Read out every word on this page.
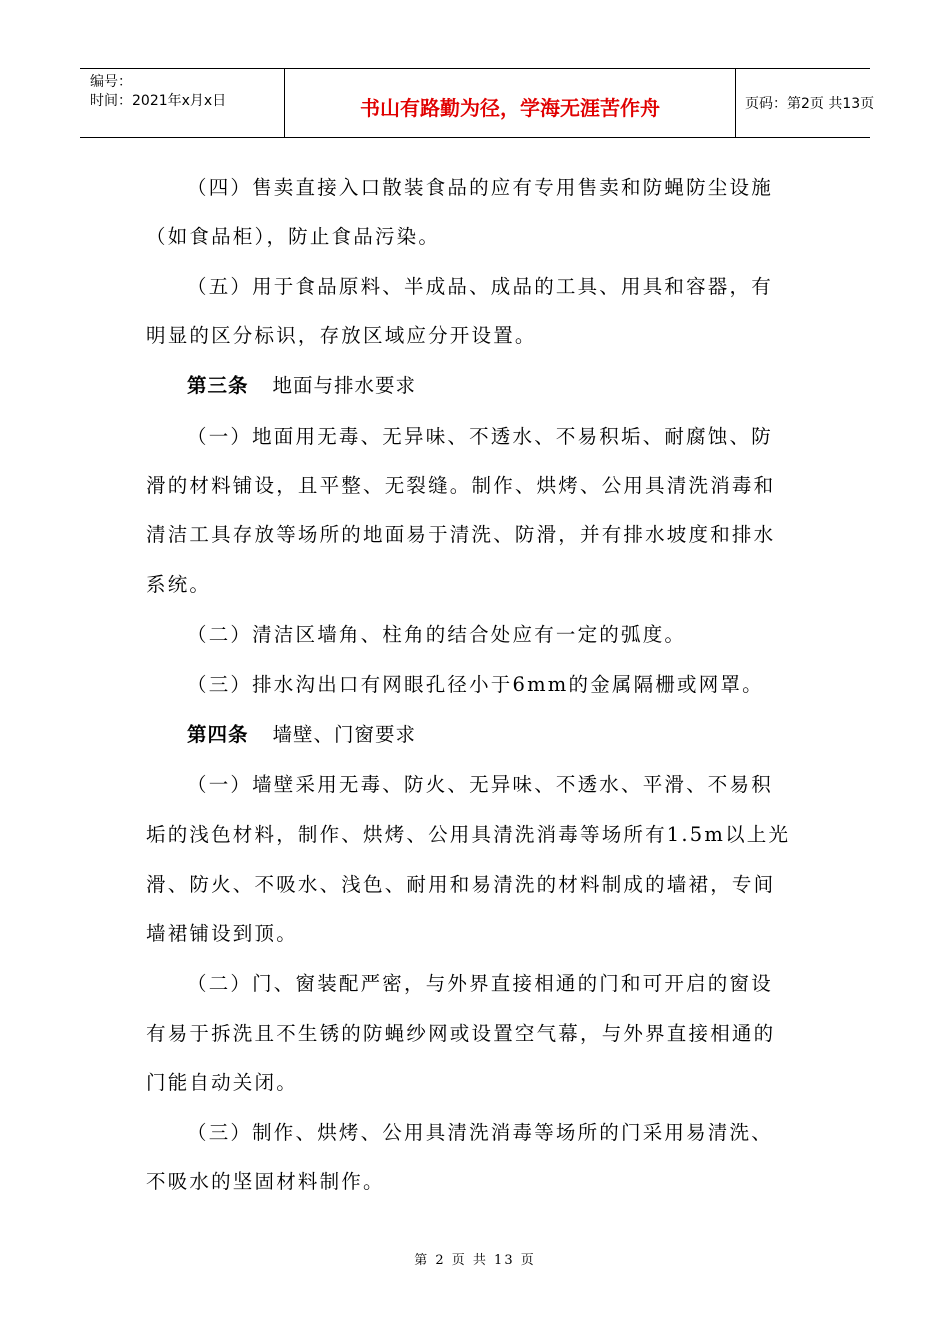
编号：
时间：2021年x月x日	书山有路勤为径，学海无涯苦作舟	页码：第2页 共13页
（四）售卖直接入口散装食品的应有专用售卖和防蝇防尘设施
（如食品柜），防止食品污染。
（五）用于食品原料、半成品、成品的工具、用具和容器，有
明显的区分标识，存放区域应分开设置。
第三条 地面与排水要求
（一）地面用无毒、无异味、不透水、不易积垢、耐腐蚀、防
滑的材料铺设，且平整、无裂缝。制作、烘烤、公用具清洗消毒和
清洁工具存放等场所的地面易于清洗、防滑，并有排水坡度和排水
系统。
（二）清洁区墙角、柱角的结合处应有一定的弧度。
（三）排水沟出口有网眼孔径小于6mm的金属隔栅或网罩。
第四条 墙壁、门窗要求
（一）墙壁采用无毒、防火、无异味、不透水、平滑、不易积
垢的浅色材料，制作、烘烤、公用具清洗消毒等场所有1.5m以上光
滑、防火、不吸水、浅色、耐用和易清洗的材料制成的墙裙，专间
墙裙铺设到顶。
（二）门、窗装配严密，与外界直接相通的门和可开启的窗设
有易于拆洗且不生锈的防蝇纱网或设置空气幕，与外界直接相通的
门能自动关闭。
（三）制作、烘烤、公用具清洗消毒等场所的门采用易清洗、
不吸水的坚固材料制作。
第 2 页 共 13 页
